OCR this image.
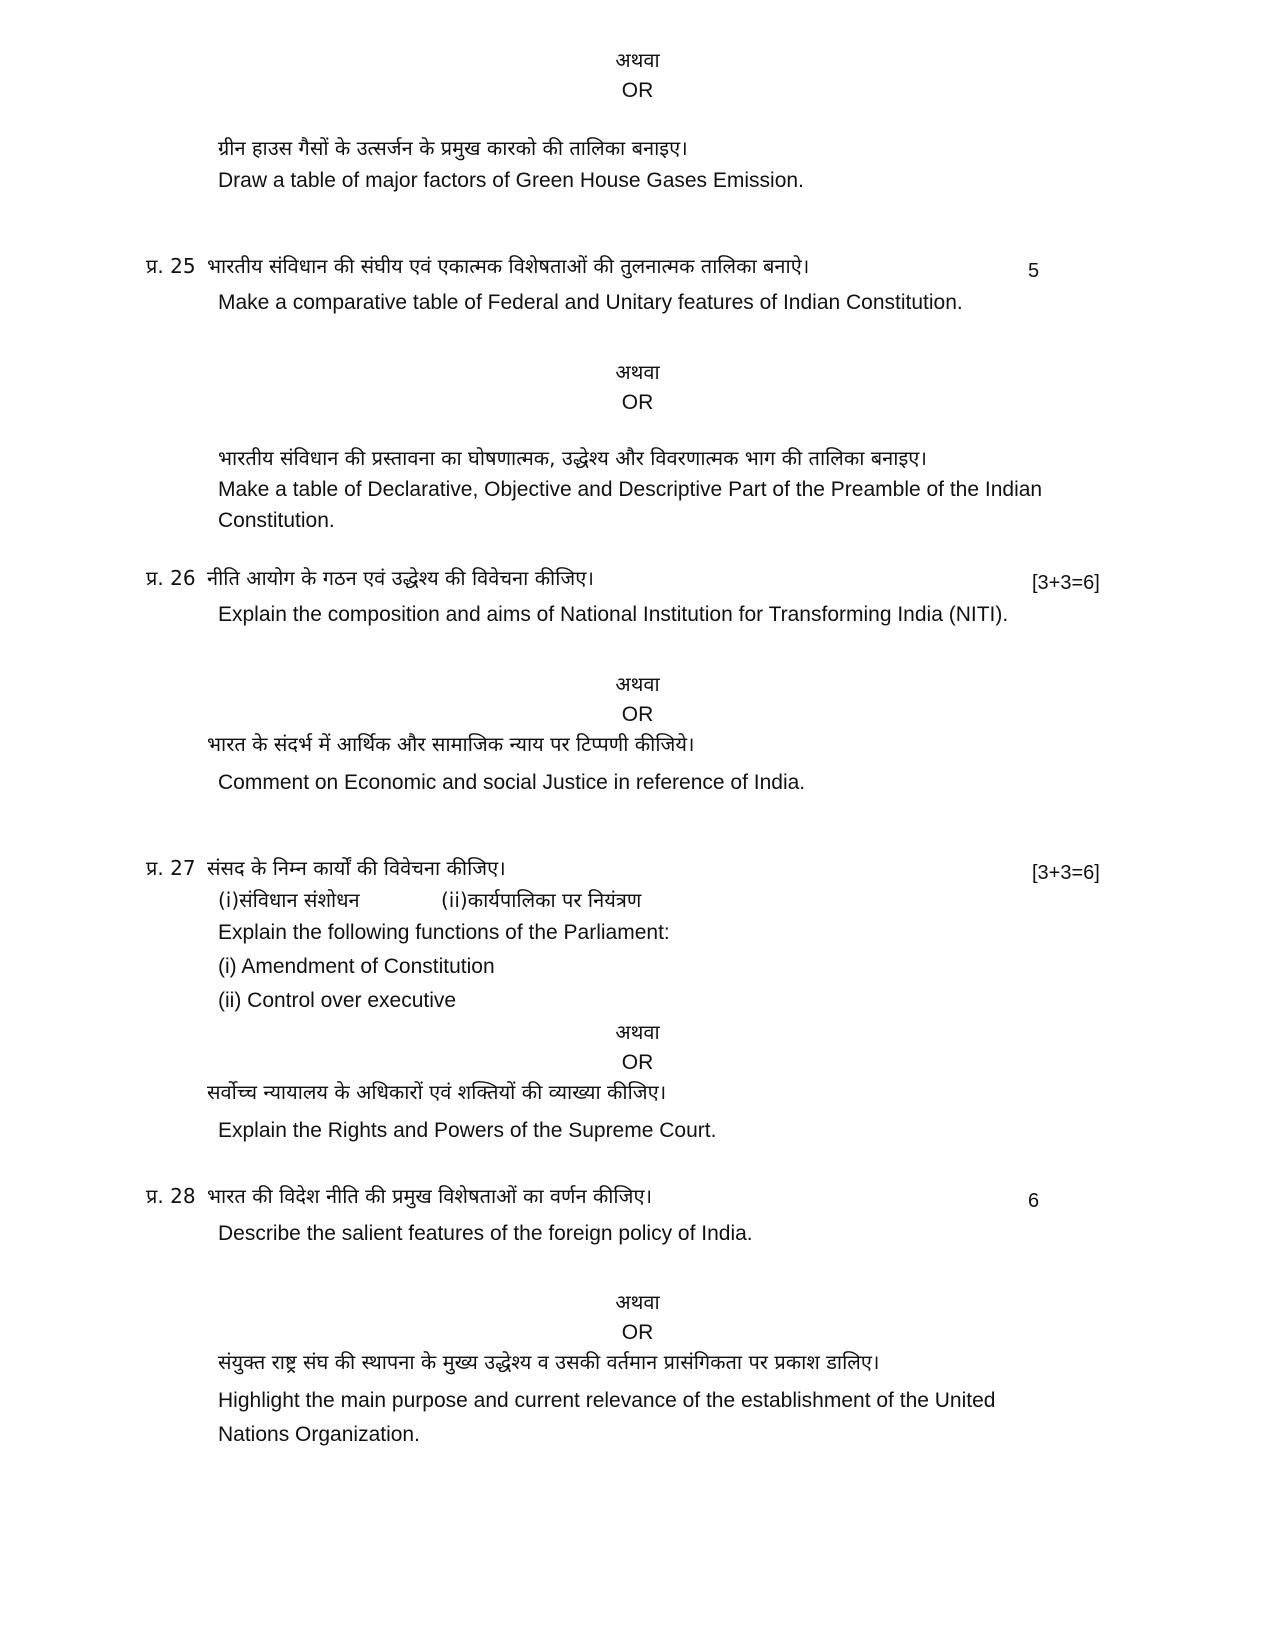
अथवा
OR
ग्रीन हाउस गैसों के उत्सर्जन के प्रमुख कारको की तालिका बनाइए।
Draw a table of major factors of Green House Gases Emission.
प्र. 25 भारतीय संविधान की संघीय एवं एकात्मक विशेषताओं की तुलनात्मक तालिका बनाऐ।	5
Make a comparative table of Federal and Unitary features of Indian Constitution.
अथवा
OR
भारतीय संविधान की प्रस्तावना का घोषणात्मक, उद्धेश्य और विवरणात्मक भाग की तालिका बनाइए।
Make a table of Declarative, Objective and Descriptive Part of the Preamble of the Indian
Constitution.
प्र. 26 नीति आयोग के गठन एवं उद्धेश्य की विवेचना कीजिए।	[3+3=6]
Explain the composition and aims of National Institution for Transforming India (NITI).
अथवा
OR
भारत के संदर्भ में आर्थिक और सामाजिक न्याय पर टिप्पणी कीजिये।
Comment on Economic and social Justice in reference of India.
प्र. 27 संसद के निम्न कार्यों की विवेचना कीजिए।	[3+3=6]
(i)संविधान संशोधन	(ii)कार्यपालिका पर नियंत्रण
Explain the following functions of the Parliament:
(i) Amendment of Constitution
(ii) Control over executive
अथवा
OR
सर्वोच्च न्यायालय के अधिकारों एवं शक्तियों की व्याख्या कीजिए।
Explain the Rights and Powers of the Supreme Court.
प्र. 28 भारत की विदेश नीति की प्रमुख विशेषताओं का वर्णन कीजिए।	6
Describe the salient features of the foreign policy of India.
अथवा
OR
संयुक्त राष्ट्र संघ की स्थापना के मुख्य उद्धेश्य व उसकी वर्तमान प्रासंगिकता पर प्रकाश डालिए।
Highlight the main purpose and current relevance of the establishment of the United
Nations Organization.
